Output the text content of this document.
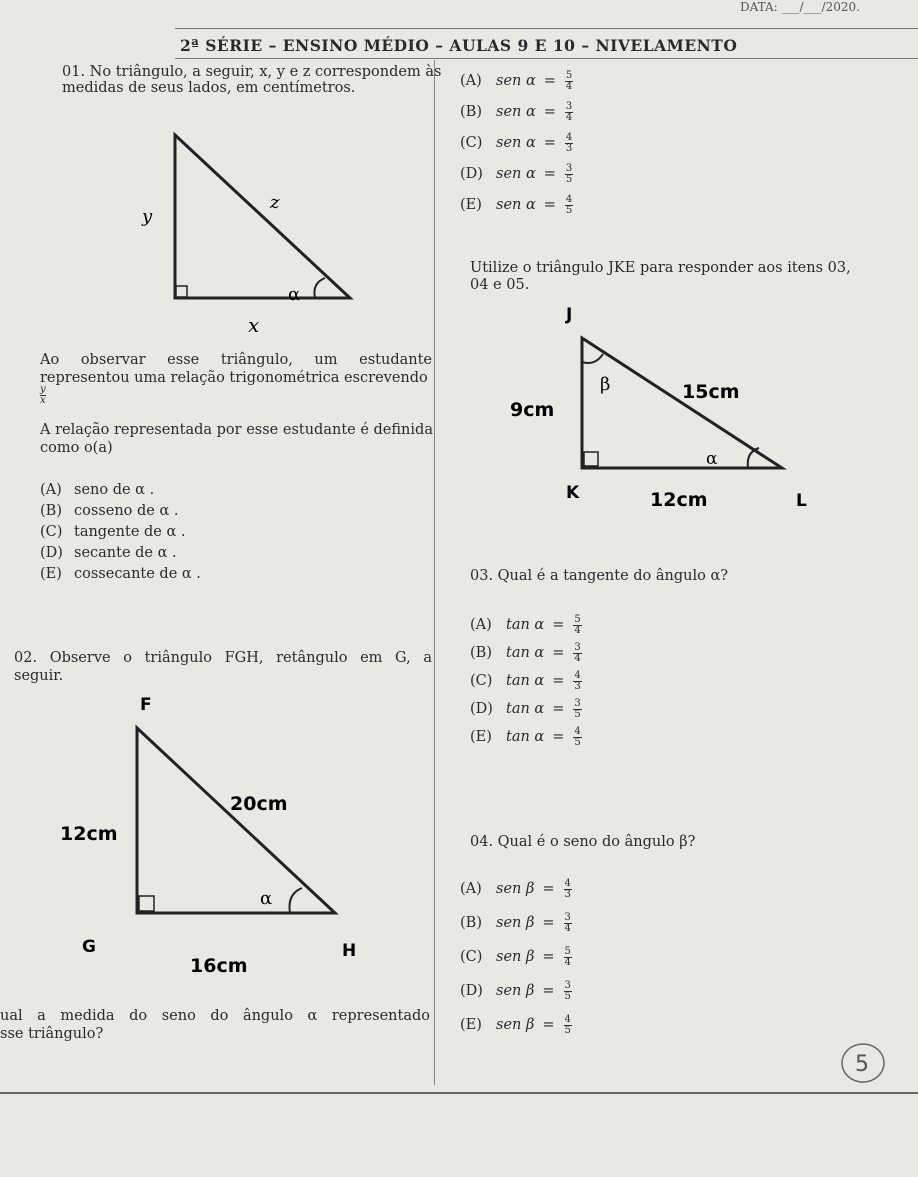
DATA: ___/___/2020.
2ª SÉRIE – ENSINO MÉDIO – AULAS 9 E 10 – NIVELAMENTO
01. No triângulo, a seguir, x, y e z correspondem às
medidas de seus lados, em centímetros.
y
z
α
x
Ao observar esse triângulo, um estudante
representou uma relação trigonométrica escrevendo
$\frac{y}{x}$
A relação representada por esse estudante é definida
como o(a)
(A) seno de α .
(B) cosseno de α .
(C) tangente de α .
(D) secante de α .
(E) cossecante de α .
(A) sen $\alpha = \frac{5}{4}$
(B) sen $\alpha = \frac{3}{4}$
(C) sen $\alpha = \frac{4}{3}$
(D) sen $\alpha = \frac{3}{5}$
(E) sen $\alpha = \frac{4}{5}$
Utilize o triângulo JKE para responder aos itens 03,
04 e 05.
J
β	15cm
9cm
α
K	12cm	L
03. Qual é a tangente do ângulo α?
(A) $\tan \alpha = \frac{5}{4}$
(B) $\tan \alpha = \frac{3}{4}$
(C) $\tan \alpha = \frac{4}{3}$
(D) $\tan \alpha = \frac{3}{5}$
(E) $\tan \alpha = \frac{4}{5}$
02. Observe o triângulo FGH, retângulo em G, a
seguir.
F
20cm
12cm
α
G
16cm
H
ual a medida do seno do ângulo α representado
sse triângulo?
04. Qual é o seno do ângulo β?
(A) sen $\beta = \frac{4}{3}$
(B) sen $\beta = \frac{3}{4}$
(C) sen $\beta = \frac{5}{4}$
(D) sen $\beta = \frac{3}{5}$
(E) sen $\beta = \frac{4}{5}$
5
